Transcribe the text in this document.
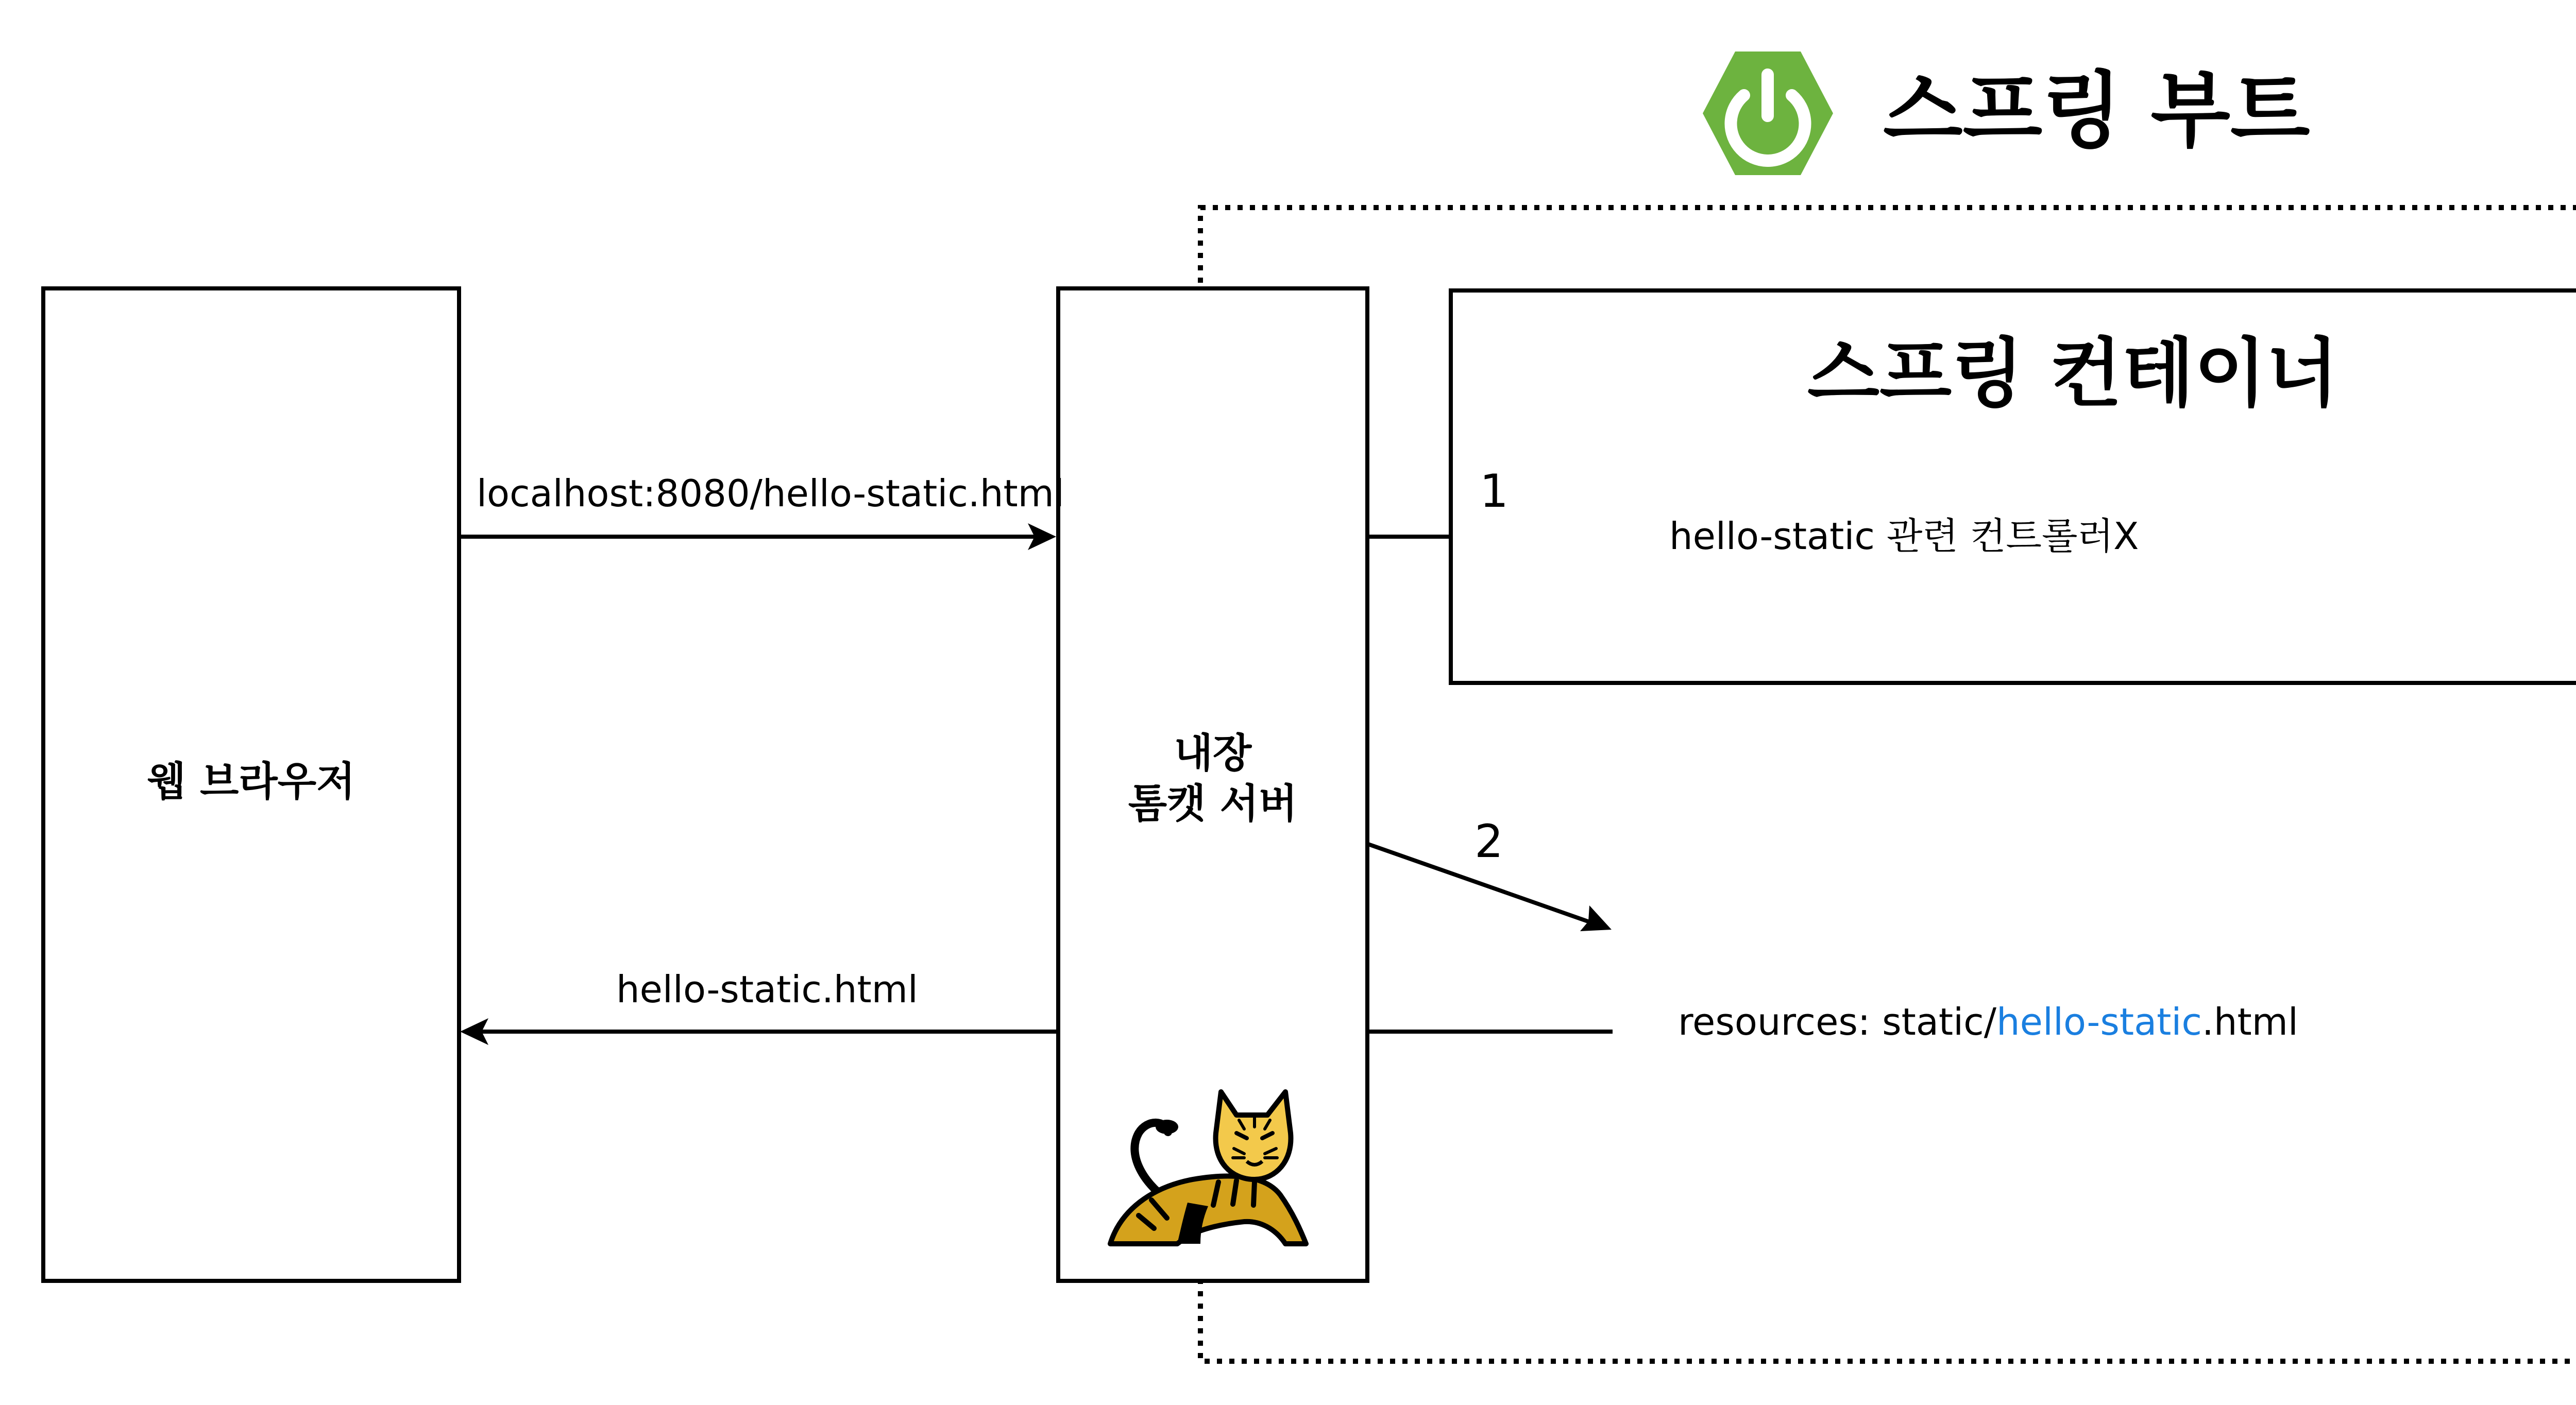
스프링 부트
웹 브라우저
내장
톰캣 서버
스프링 컨테이너
localhost:8080/hello-static.html	1
2
hello-static.html
hello-static 관련 컨트롤러X
resources: static/hello-static.html
